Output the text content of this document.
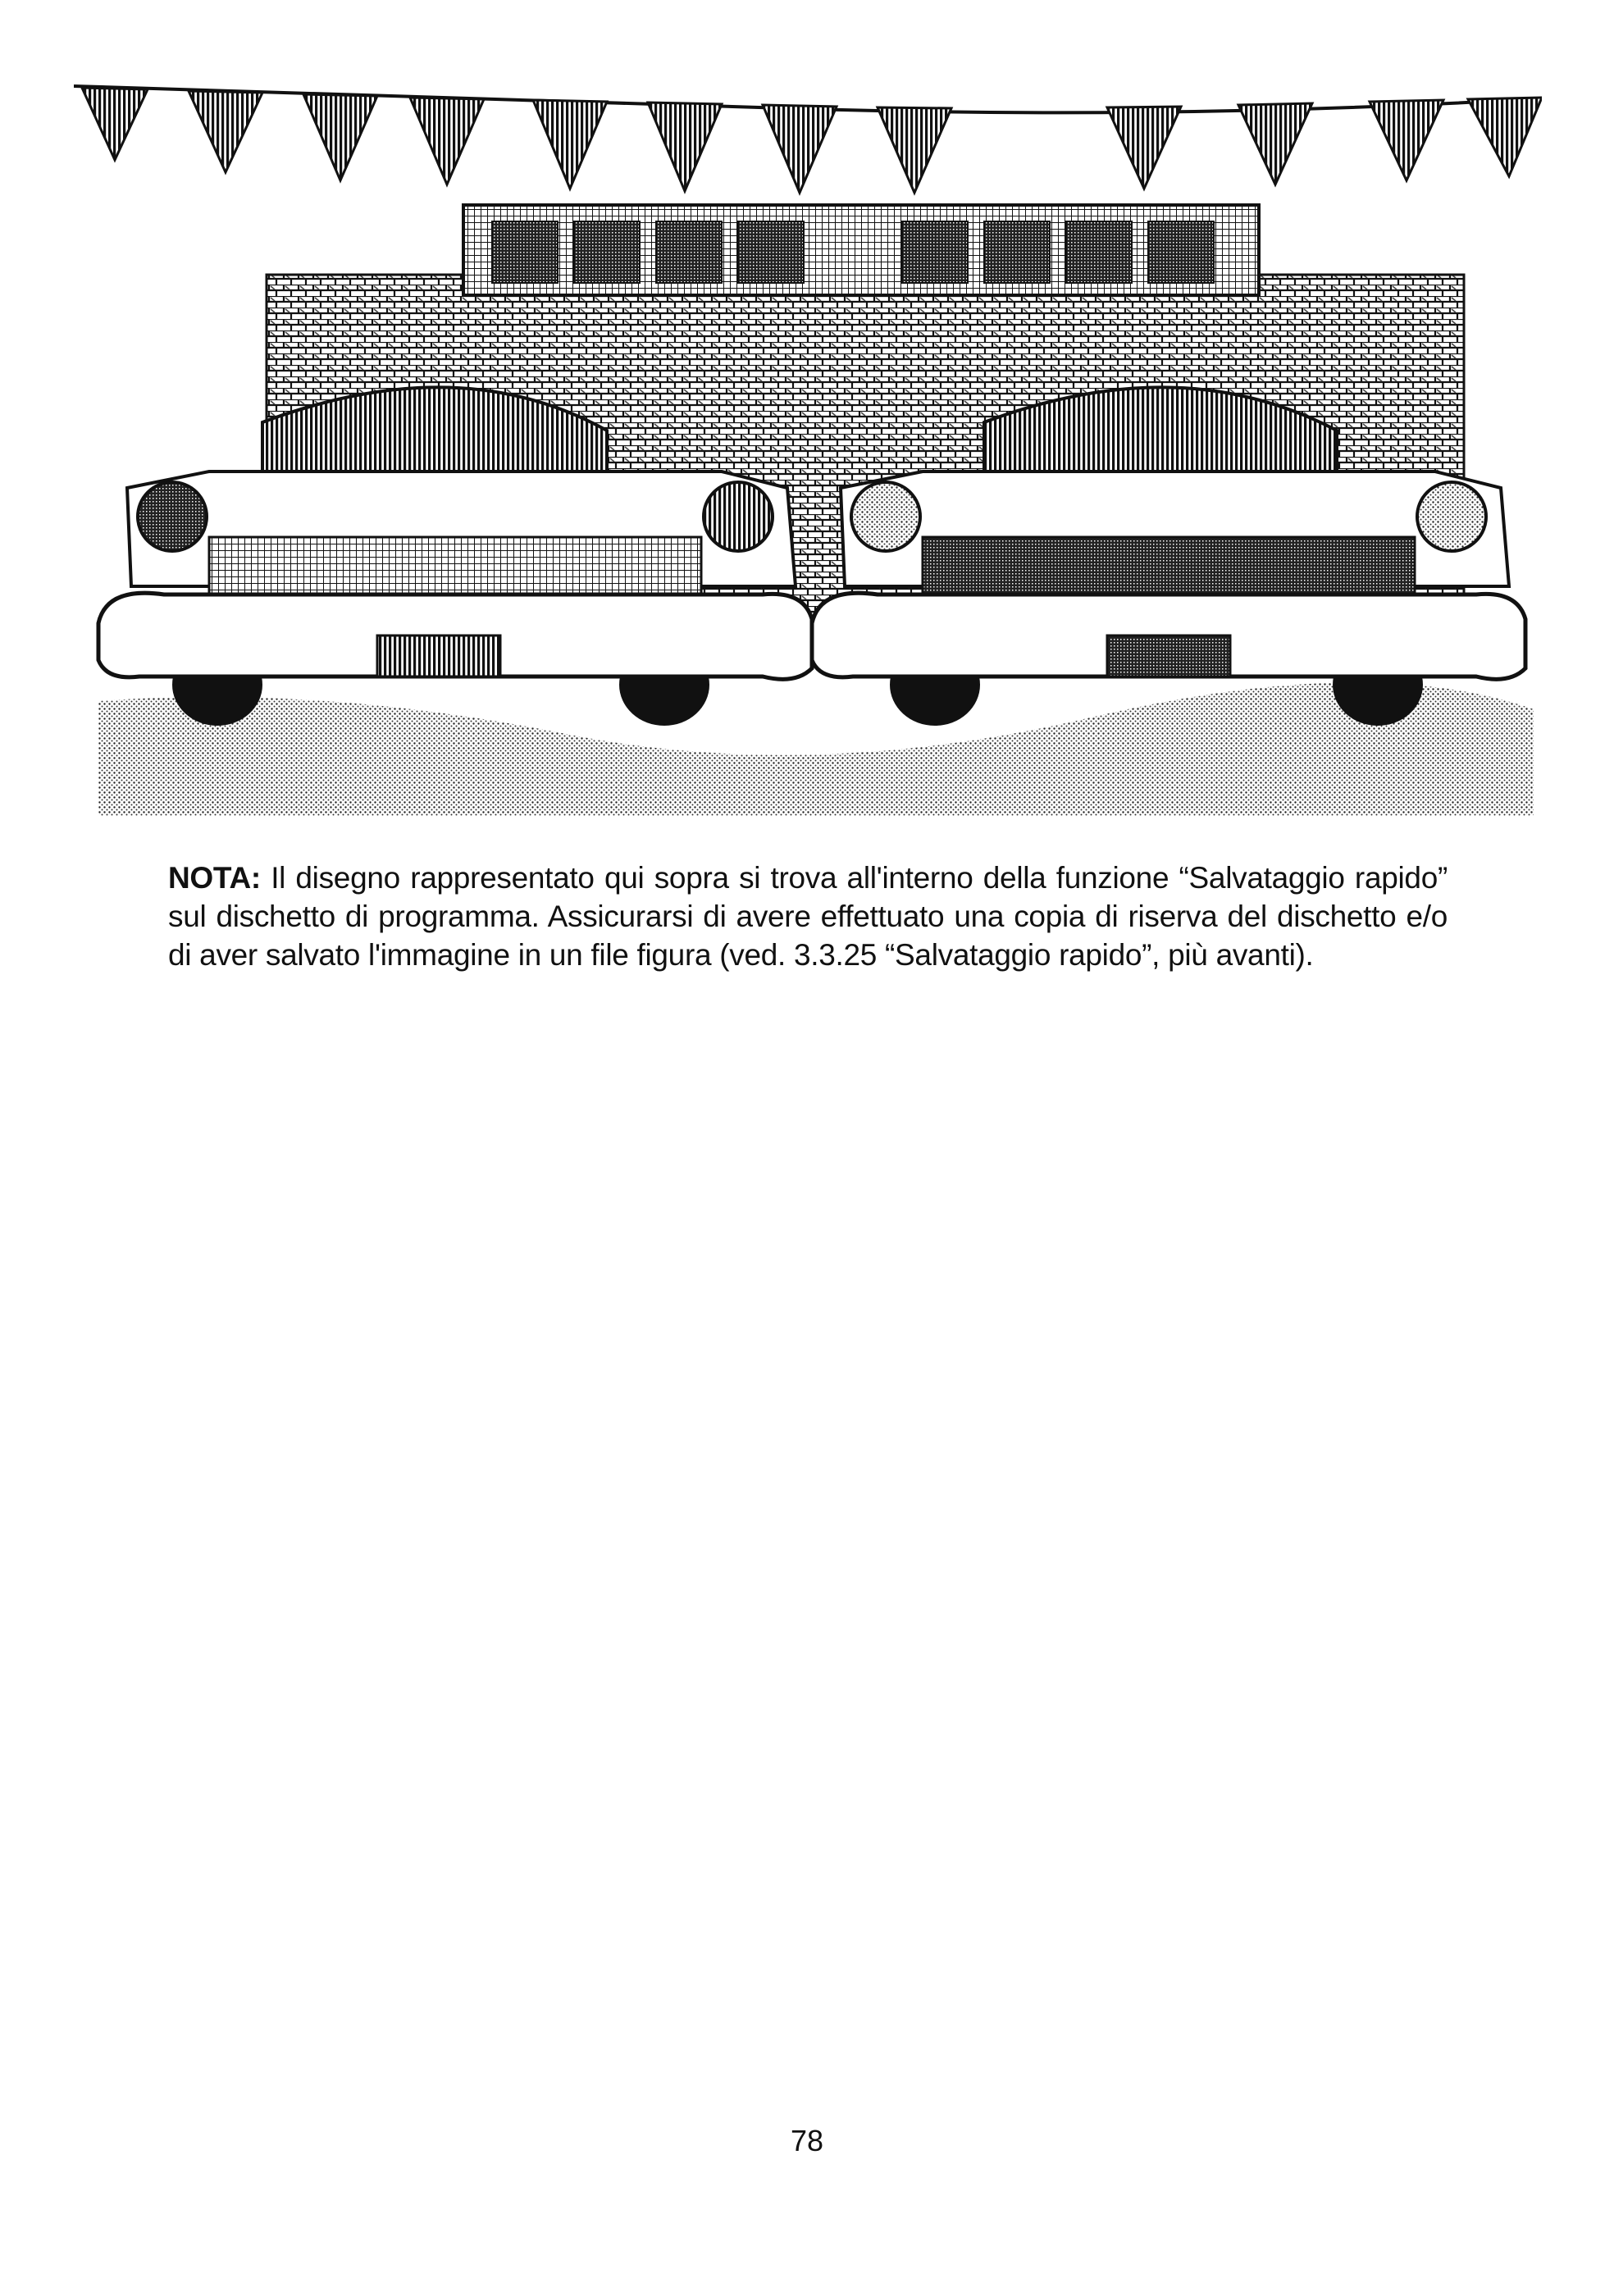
NOTA: Il disegno rappresentato qui sopra si trova all'interno della funzione “Salvataggio rapido” sul dischetto di programma. Assicurarsi di avere effettuato una copia di riserva del dischetto e/o di aver salvato l'immagine in un file figura (ved. 3.3.25 “Salvataggio rapido”, più avanti).

78
